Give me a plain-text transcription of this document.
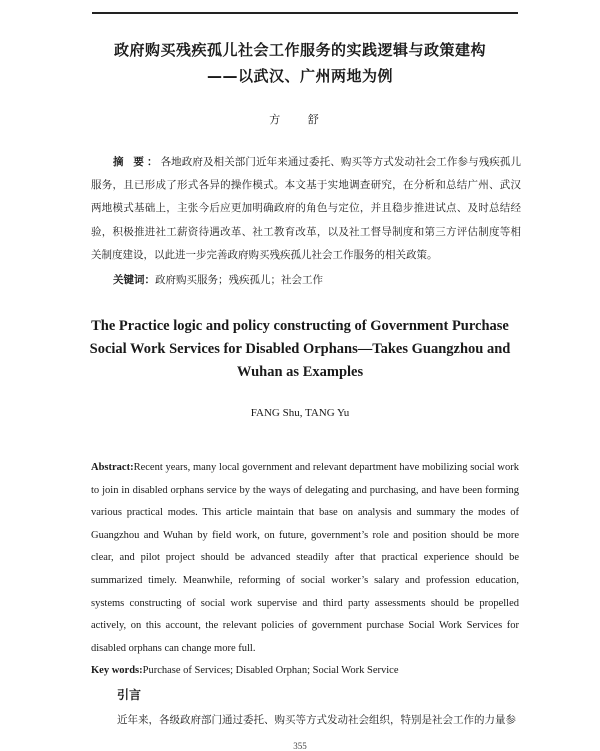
政府购买残疾孤儿社会工作服务的实践逻辑与政策建构
——以武汉、广州两地为例
方 舒

摘 要：各地政府及相关部门近年来通过委托、购买等方式发动社会工作参与残疾孤儿服务，且已形成了形式各异的操作模式。本文基于实地调查研究，在分析和总结广州、武汉两地模式基础上，主张今后应更加明确政府的角色与定位，并且稳步推进试点、及时总结经验，积极推进社工薪资待遇改革、社工教育改革，以及社工督导制度和第三方评估制度等相关制度建设，以此进一步完善政府购买残疾孤儿社会工作服务的相关政策。

关键词：政府购买服务；残疾孤儿；社会工作
The Practice logic and policy constructing of Government Purchase
Social Work Services for Disabled Orphans—Takes Guangzhou and
Wuhan as Examples
FANG Shu, TANG Yu

Abstract:Recent years, many local government and relevant department have mobilizing social work to join in disabled orphans service by the ways of delegating and purchasing, and have been forming various practical modes. This article maintain that base on analysis and summary the modes of Guangzhou and Wuhan by field work, on future, government’s role and position should be more clear, and pilot project should be advanced steadily after that practical experience should be summarized timely. Meanwhile, reforming of social worker’s salary and profession education, systems constructing of social work supervise and third party assessments should be propelled actively, on this account, the relevant policies of government purchase Social Work Services for disabled orphans can change more full.

Key words:Purchase of Services; Disabled Orphan; Social Work Service
引言
近年来，各级政府部门通过委托、购买等方式发动社会组织，特别是社会工作的力量参
355
